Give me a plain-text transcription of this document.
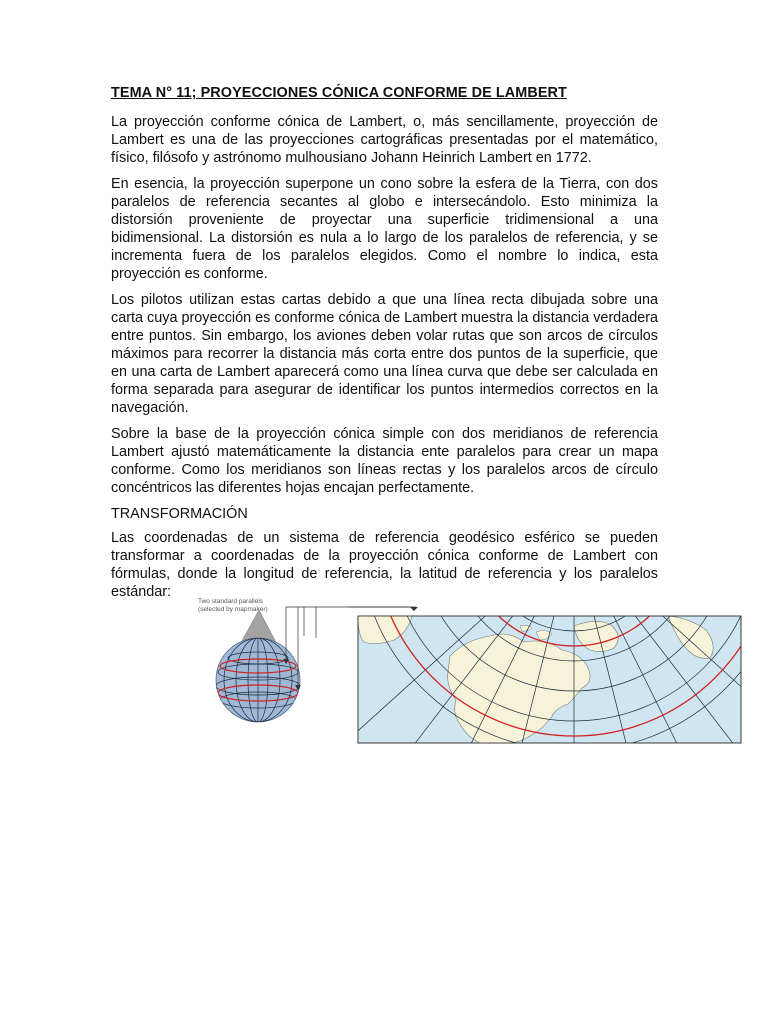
TEMA N° 11; PROYECCIONES CÓNICA CONFORME DE LAMBERT

La proyección conforme cónica de Lambert, o, más sencillamente, proyección de Lambert es una de las proyecciones cartográficas presentadas por el matemático, físico, filósofo y astrónomo mulhousiano Johann Heinrich Lambert en 1772.

En esencia, la proyección superpone un cono sobre la esfera de la Tierra, con dos paralelos de referencia secantes al globo e intersecándolo. Esto minimiza la distorsión proveniente de proyectar una superficie tridimensional a una bidimensional. La distorsión es nula a lo largo de los paralelos de referencia, y se incrementa fuera de los paralelos elegidos. Como el nombre lo indica, esta proyección es conforme.

Los pilotos utilizan estas cartas debido a que una línea recta dibujada sobre una carta cuya proyección es conforme cónica de Lambert muestra la distancia verdadera entre puntos. Sin embargo, los aviones deben volar rutas que son arcos de círculos máximos para recorrer la distancia más corta entre dos puntos de la superficie, que en una carta de Lambert aparecerá como una línea curva que debe ser calculada en forma separada para asegurar de identificar los puntos intermedios correctos en la navegación.

Sobre la base de la proyección cónica simple con dos meridianos de referencia Lambert ajustó matemáticamente la distancia ente paralelos para crear un mapa conforme. Como los meridianos son líneas rectas y los paralelos arcos de círculo concéntricos las diferentes hojas encajan perfectamente.

TRANSFORMACIÓN

Las coordenadas de un sistema de referencia geodésico esférico se pueden transformar a coordenadas de la proyección cónica conforme de Lambert con fórmulas, donde la longitud de referencia, la latitud de referencia y los paralelos estándar:

Two standard parallels
(selected by mapmaker)
